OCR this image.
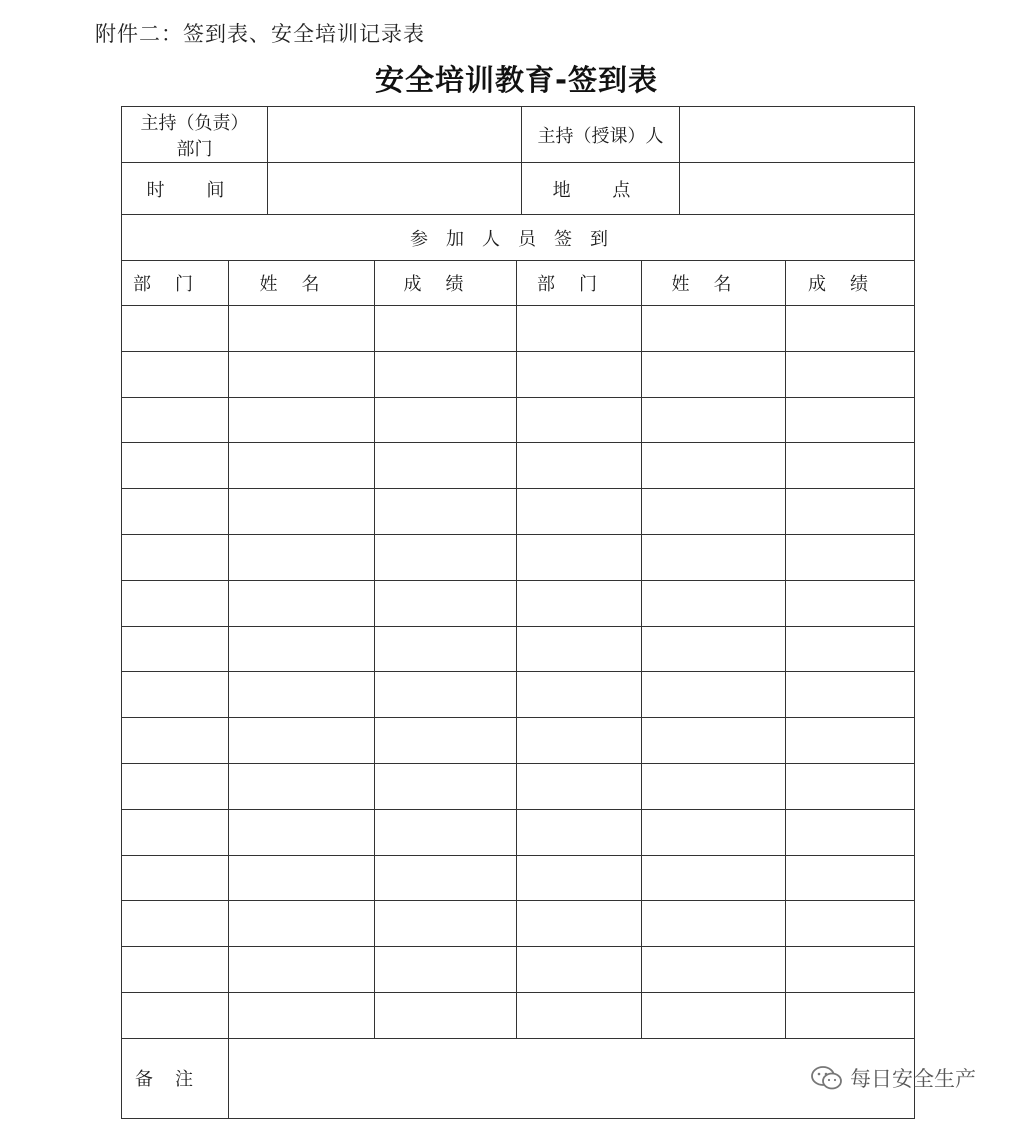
附件二：签到表、安全培训记录表
安全培训教育-签到表
主持（负责）
部门		主持（授课）人	
时 间		地 点	
参加人员签到					
部门	姓名	成绩	部门	姓名	成绩

备注						每日安全生产
